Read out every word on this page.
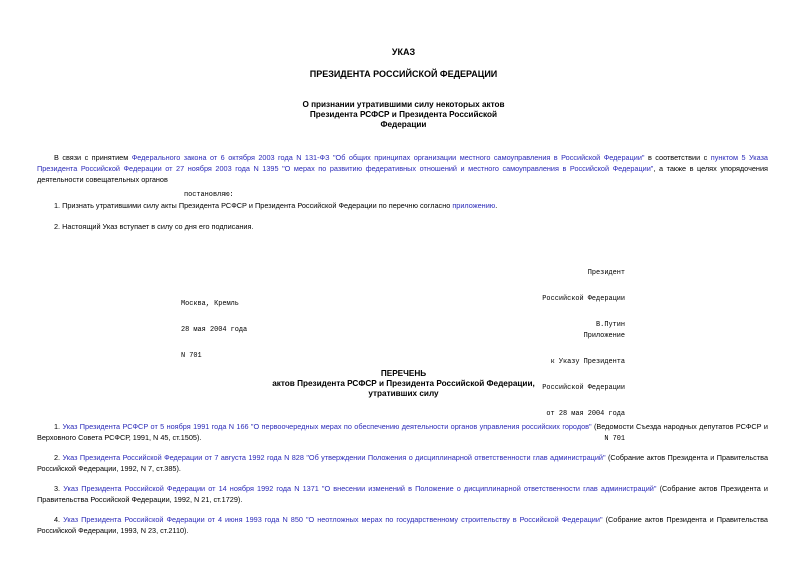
УКАЗ
ПРЕЗИДЕНТА РОССИЙСКОЙ ФЕДЕРАЦИИ
О признании утратившими силу некоторых актов
Президента РСФСР и Президента Российской
Федерации
В связи с принятием Федерального закона от 6 октября 2003 года N 131-ФЗ "Об общих принципах организации местного самоуправления в Российской Федерации" в соответствии с пунктом 5 Указа Президента Российской Федерации от 27 ноября 2003 года N 1395 "О мерах по развитию федеративных отношений и местного самоуправления в Российской Федерации", а также в целях упорядочения деятельности совещательных органов
постановляю:
1. Признать утратившими силу акты Президента РСФСР и Президента Российской Федерации по перечню согласно приложению.
2. Настоящий Указ вступает в силу со дня его подписания.

Президент

Российской Федерации

В.Путин

Москва, Кремль

28 мая 2004 года

N 701

Приложение

к Указу Президента

Российской Федерации

от 28 мая 2004 года

N 701

ПЕРЕЧЕНЬ
актов Президента РСФСР и Президента Российской Федерации,
утративших силу
1. Указ Президента РСФСР от 5 ноября 1991 года N 166 "О первоочередных мерах по обеспечению деятельности органов управления российских городов" (Ведомости Съезда народных депутатов РСФСР и Верховного Совета РСФСР, 1991, N 45, ст.1505).
2. Указ Президента Российской Федерации от 7 августа 1992 года N 828 "Об утверждении Положения о дисциплинарной ответственности глав администраций" (Собрание актов Президента и Правительства Российской Федерации, 1992, N 7, ст.385).
3. Указ Президента Российской Федерации от 14 ноября 1992 года N 1371 "О внесении изменений в Положение о дисциплинарной ответственности глав администраций" (Собрание актов Президента и Правительства Российской Федерации, 1992, N 21, ст.1729).
4. Указ Президента Российской Федерации от 4 июня 1993 года N 850 "О неотложных мерах по государственному строительству в Российской Федерации" (Собрание актов Президента и Правительства Российской Федерации, 1993, N 23, ст.2110).
